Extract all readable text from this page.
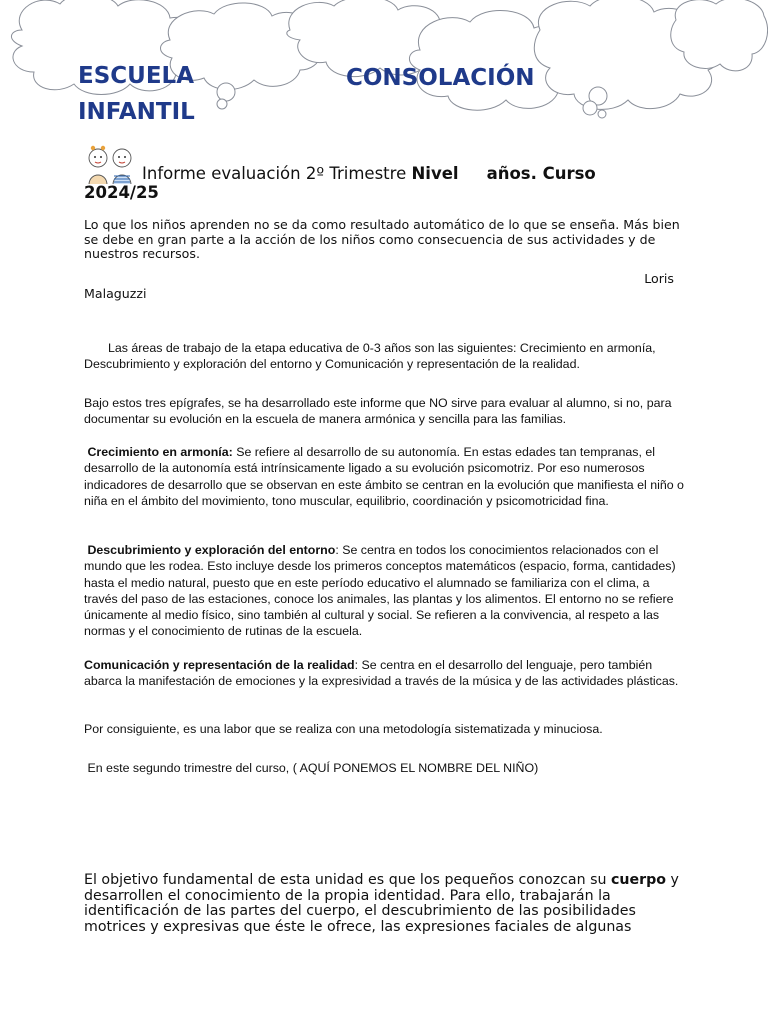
ESCUELA
INFANTIL
CONSOLACIÓN
Informe evaluación 2º Trimestre Nivel años. Curso
2024/25
Lo que los niños aprenden no se da como resultado automático de lo que se enseña. Más bien se debe en gran parte a la acción de los niños como consecuencia de sus actividades y de nuestros recursos.
Loris
Malaguzzi
Las áreas de trabajo de la etapa educativa de 0-3 años son las siguientes: Crecimiento en armonía, Descubrimiento y exploración del entorno y Comunicación y representación de la realidad.
Bajo estos tres epígrafes, se ha desarrollado este informe que NO sirve para evaluar al alumno, si no, para documentar su evolución en la escuela de manera armónica y sencilla para las familias.
Crecimiento en armonía: Se refiere al desarrollo de su autonomía. En estas edades tan tempranas, el desarrollo de la autonomía está intrínsicamente ligado a su evolución psicomotriz. Por eso numerosos indicadores de desarrollo que se observan en este ámbito se centran en la evolución que manifiesta el niño o niña en el ámbito del movimiento, tono muscular, equilibrio, coordinación y psicomotricidad fina.
Descubrimiento y exploración del entorno: Se centra en todos los conocimientos relacionados con el mundo que les rodea. Esto incluye desde los primeros conceptos matemáticos (espacio, forma, cantidades) hasta el medio natural, puesto que en este período educativo el alumnado se familiariza con el clima, a través del paso de las estaciones, conoce los animales, las plantas y los alimentos. El entorno no se refiere únicamente al medio físico, sino también al cultural y social. Se refieren a la convivencia, al respeto a las normas y el conocimiento de rutinas de la escuela.
Comunicación y representación de la realidad: Se centra en el desarrollo del lenguaje, pero también abarca la manifestación de emociones y la expresividad a través de la música y de las actividades plásticas.
Por consiguiente, es una labor que se realiza con una metodología sistematizada y minuciosa.
En este segundo trimestre del curso, ( AQUÍ PONEMOS EL NOMBRE DEL NIÑO)
El objetivo fundamental de esta unidad es que los pequeños conozcan su cuerpo y desarrollen el conocimiento de la propia identidad. Para ello, trabajarán la identificación de las partes del cuerpo, el descubrimiento de las posibilidades motrices y expresivas que éste le ofrece, las expresiones faciales de algunas
